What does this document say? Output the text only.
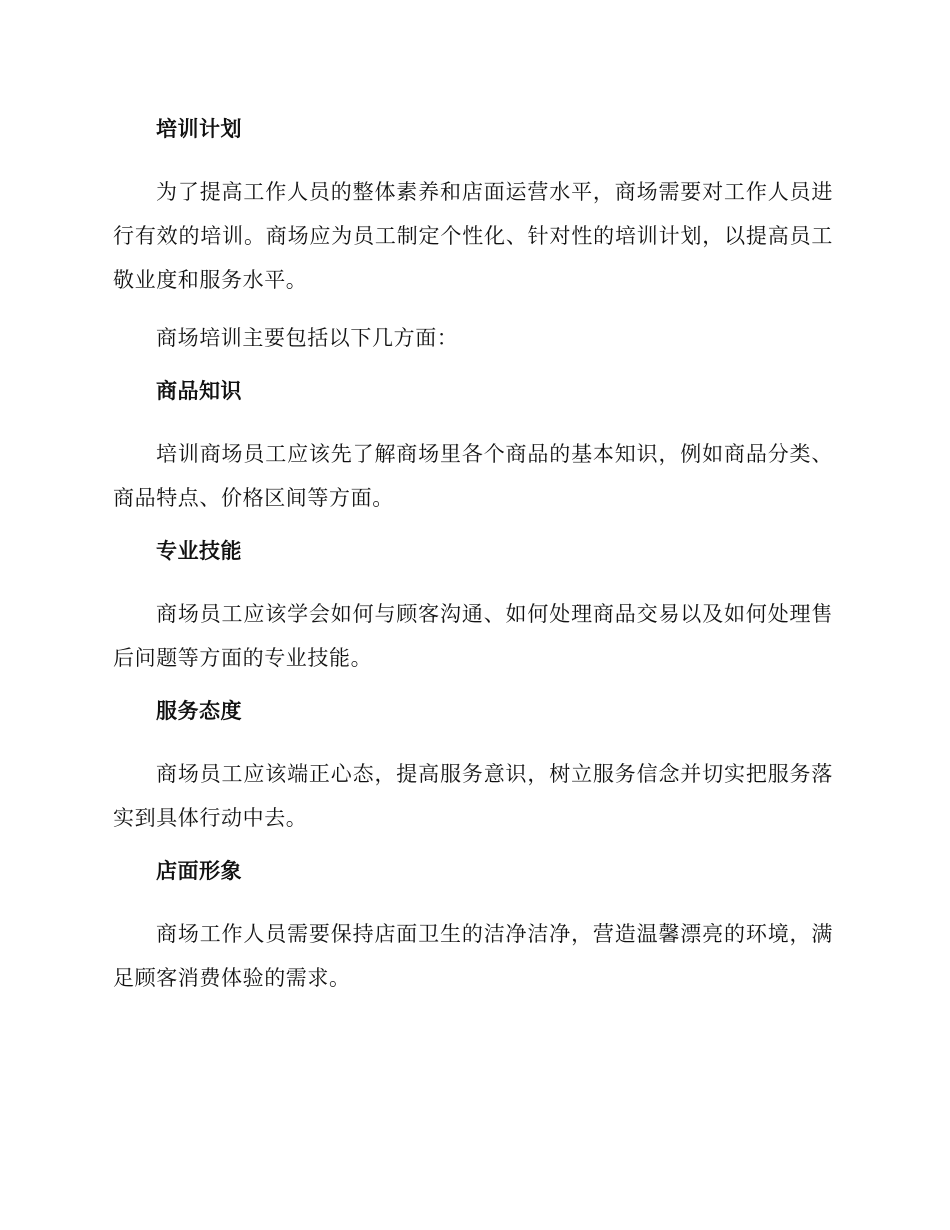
培训计划

为了提高工作人员的整体素养和店面运营水平，商场需要对工作人员进行有效的培训。商场应为员工制定个性化、针对性的培训计划，以提高员工敬业度和服务水平。

商场培训主要包括以下几方面：

商品知识

培训商场员工应该先了解商场里各个商品的基本知识，例如商品分类、商品特点、价格区间等方面。

专业技能

商场员工应该学会如何与顾客沟通、如何处理商品交易以及如何处理售后问题等方面的专业技能。

服务态度

商场员工应该端正心态，提高服务意识，树立服务信念并切实把服务落实到具体行动中去。

店面形象

商场工作人员需要保持店面卫生的洁净洁净，营造温馨漂亮的环境，满足顾客消费体验的需求。
